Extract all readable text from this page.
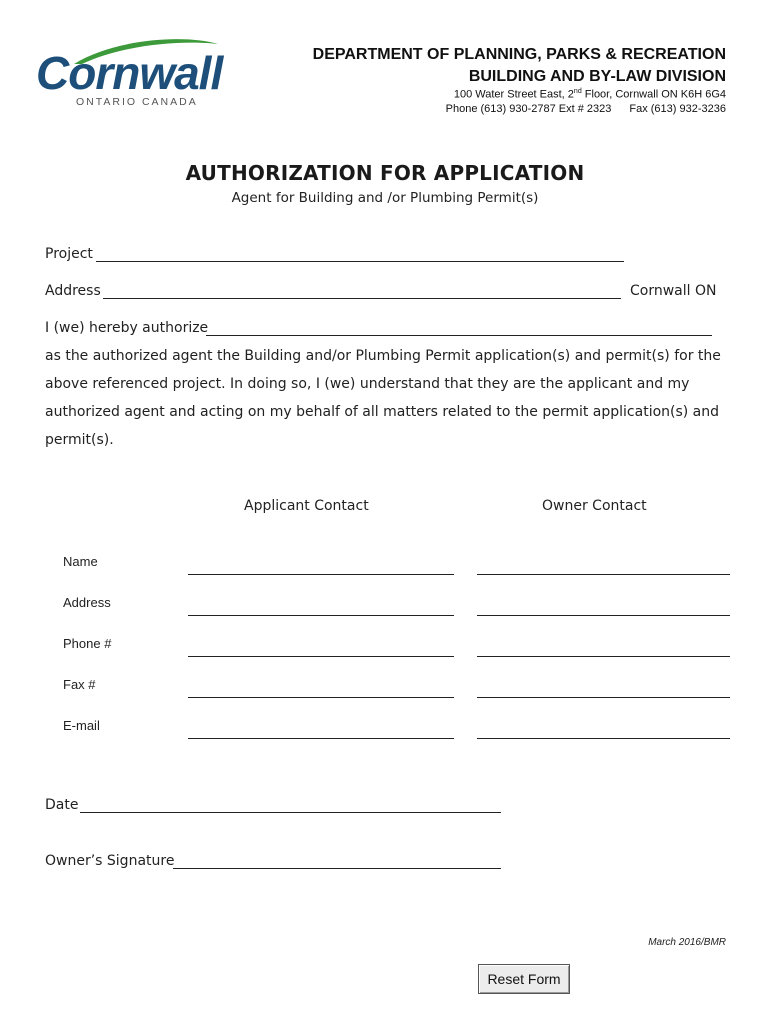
Cornwall
ONTARIO CANADA
DEPARTMENT OF PLANNING, PARKS & RECREATION
BUILDING AND BY-LAW DIVISION
100 Water Street East, 2nd Floor, Cornwall ON K6H 6G4
Phone (613) 930-2787 Ext # 2323 Fax (613) 932-3236
AUTHORIZATION FOR APPLICATION
Agent for Building and /or Plumbing Permit(s)
Project
Address	Cornwall ON
I (we) hereby authorize
as the authorized agent the Building and/or Plumbing Permit application(s) and permit(s) for the
above referenced project. In doing so, I (we) understand that they are the applicant and my
authorized agent and acting on my behalf of all matters related to the permit application(s) and
permit(s).
Applicant Contact	Owner Contact
Name
Address
Phone #
Fax #
E-mail
Date
Owner’s Signature
March 2016/BMR
Reset Form
